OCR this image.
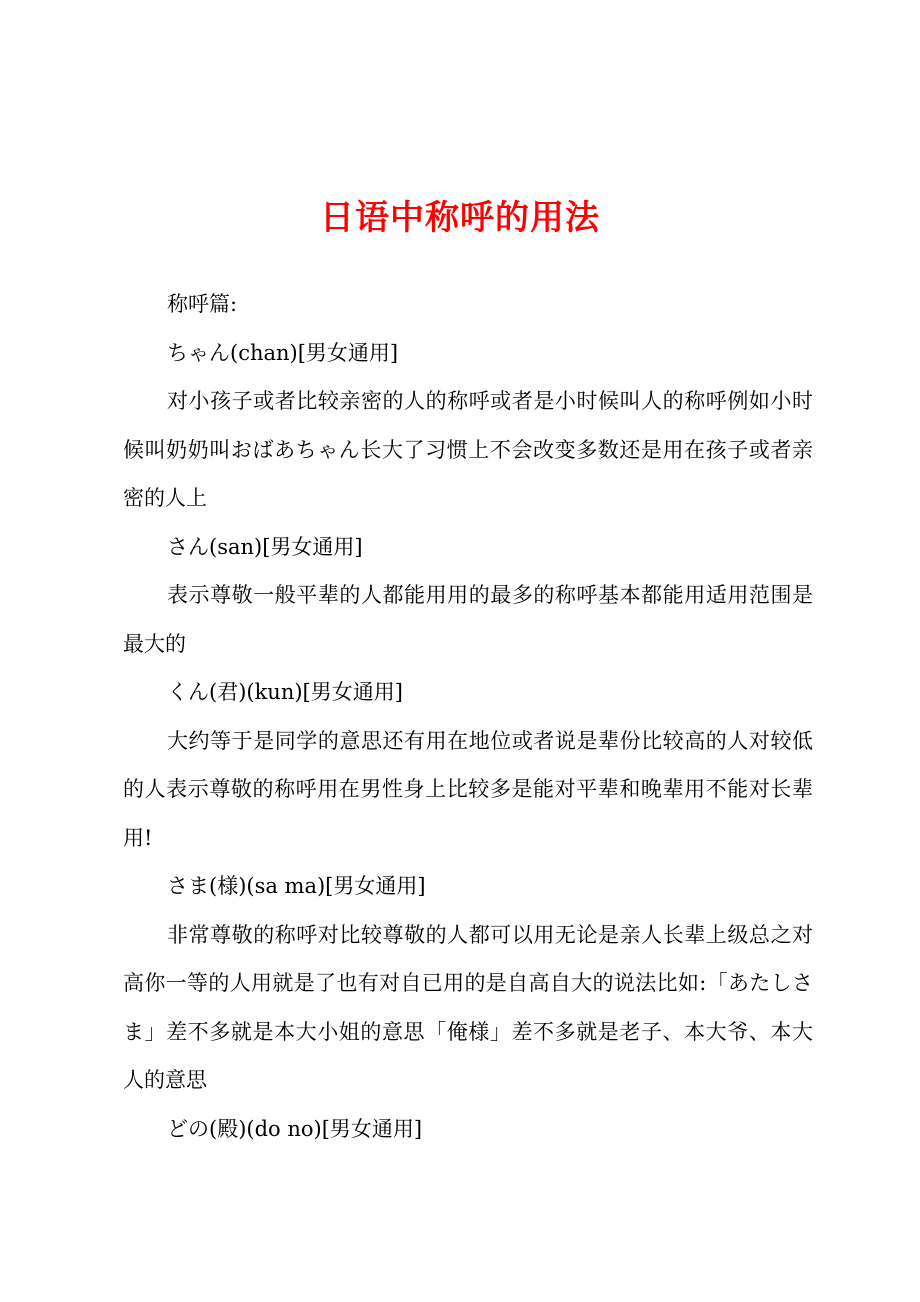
日语中称呼的用法

称呼篇:

ちゃん(chan)[男女通用]

对小孩子或者比较亲密的人的称呼或者是小时候叫人的称呼例如小时候叫奶奶叫おばあちゃん长大了习惯上不会改变多数还是用在孩子或者亲密的人上

さん(san)[男女通用]

表示尊敬一般平辈的人都能用用的最多的称呼基本都能用适用范围是最大的

くん(君)(kun)[男女通用]

大约等于是同学的意思还有用在地位或者说是辈份比较高的人对较低的人表示尊敬的称呼用在男性身上比较多是能对平辈和晚辈用不能对长辈用!

さま(様)(sa ma)[男女通用]

非常尊敬的称呼对比较尊敬的人都可以用无论是亲人长辈上级总之对高你一等的人用就是了也有对自已用的是自高自大的说法比如:「あたしさま」差不多就是本大小姐的意思「俺様」差不多就是老子、本大爷、本大人的意思

どの(殿)(do no)[男女通用]
